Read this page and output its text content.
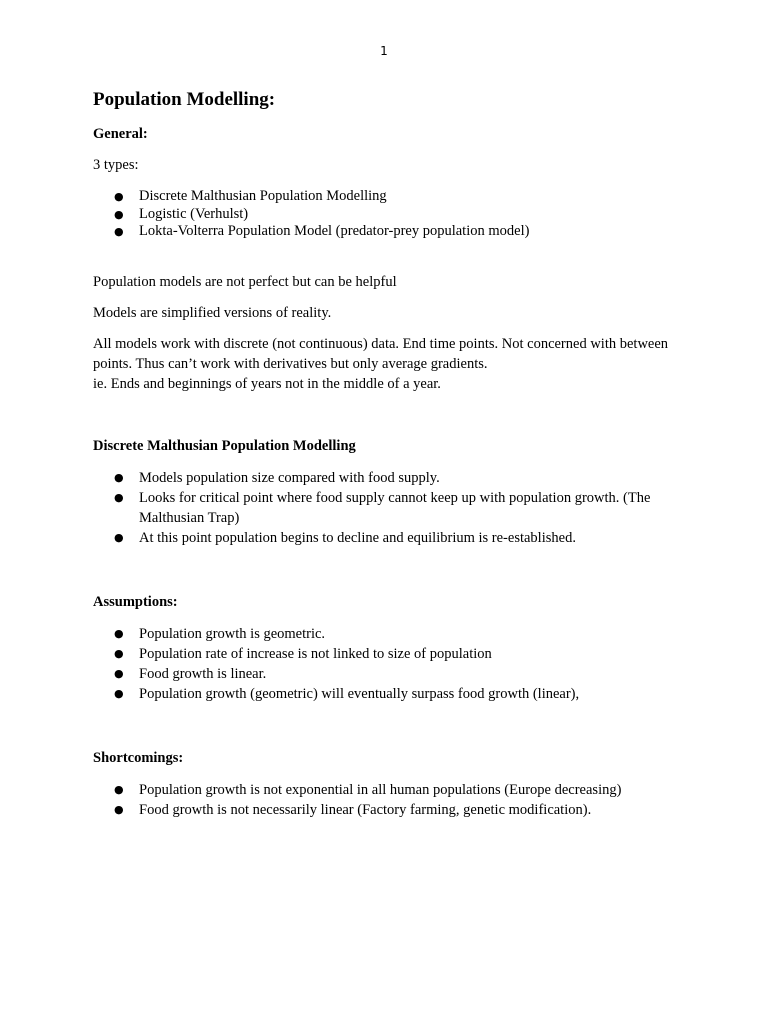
1
Population Modelling:
General:
3 types:
● Discrete Malthusian Population Modelling
● Logistic (Verhulst)
● Lokta-Volterra Population Model (predator-prey population model)
Population models are not perfect but can be helpful
Models are simplified versions of reality.
All models work with discrete (not continuous) data. End time points. Not concerned with between points. Thus can’t work with derivatives but only average gradients.
ie. Ends and beginnings of years not in the middle of a year.
Discrete Malthusian Population Modelling
● Models population size compared with food supply.
● Looks for critical point where food supply cannot keep up with population growth. (The Malthusian Trap)
● At this point population begins to decline and equilibrium is re-established.
Assumptions:
● Population growth is geometric.
● Population rate of increase is not linked to size of population
● Food growth is linear.
● Population growth (geometric) will eventually surpass food growth (linear),
Shortcomings:
● Population growth is not exponential in all human populations (Europe decreasing)
● Food growth is not necessarily linear (Factory farming, genetic modification).
